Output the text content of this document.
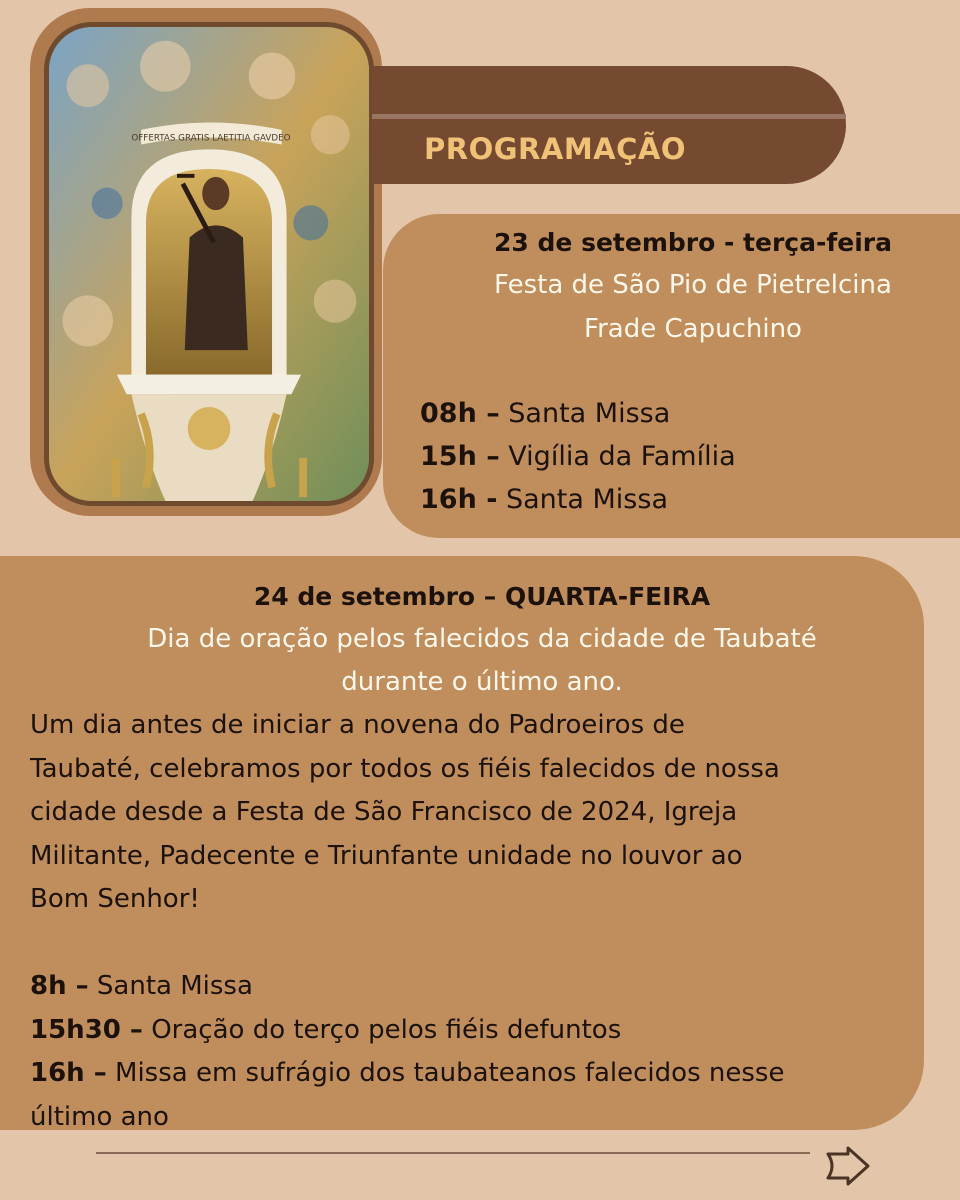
OFFERTAS GRATIS LAETITIA GAVDEO	PROGRAMAÇÃO
23 de setembro - terça-feira
Festa de São Pio de Pietrelcina
Frade Capuchino
08h – Santa Missa
15h – Vigília da Família
16h - Santa Missa
24 de setembro – QUARTA-FEIRA
Dia de oração pelos falecidos da cidade de Taubaté
durante o último ano.
Um dia antes de iniciar a novena do Padroeiros de
Taubaté, celebramos por todos os fiéis falecidos de nossa
cidade desde a Festa de São Francisco de 2024, Igreja
Militante, Padecente e Triunfante unidade no louvor ao
Bom Senhor!
8h – Santa Missa
15h30 – Oração do terço pelos fiéis defuntos
16h – Missa em sufrágio dos taubateanos falecidos nesse
último ano
